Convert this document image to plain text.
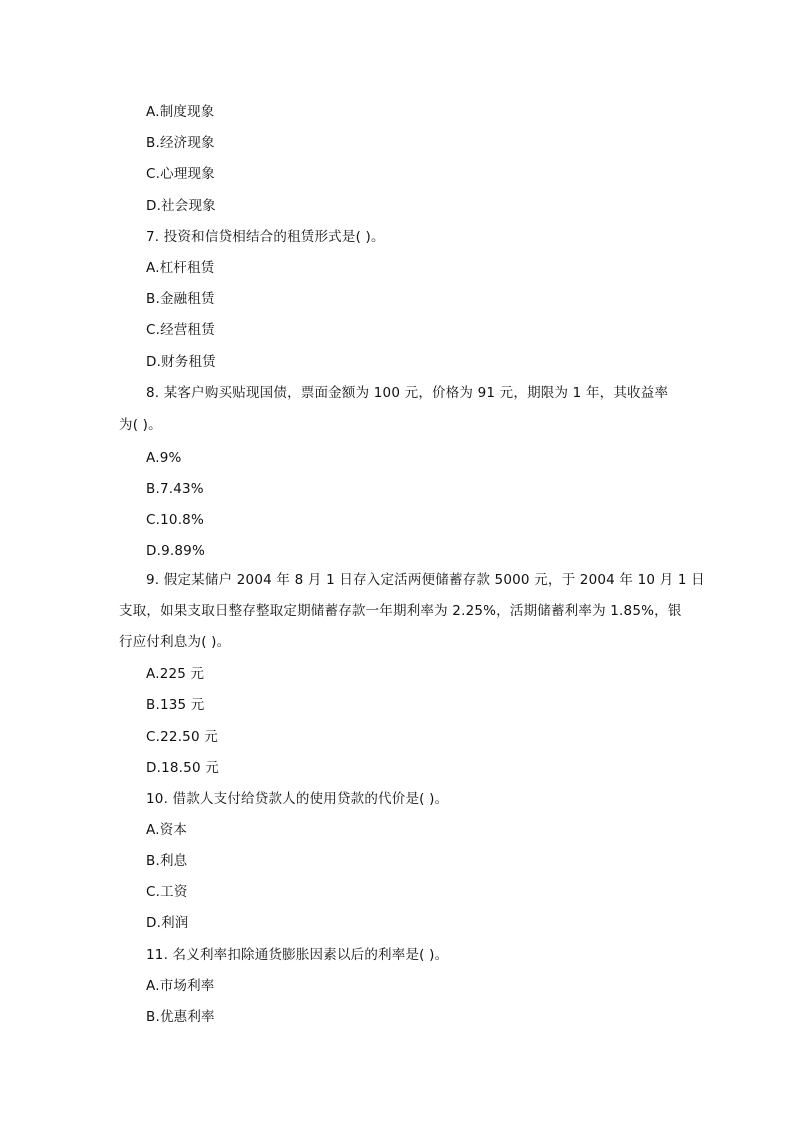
A.制度现象
B.经济现象
C.心理现象
D.社会现象
7. 投资和信贷相结合的租赁形式是( )。
A.杠杆租赁
B.金融租赁
C.经营租赁
D.财务租赁
8. 某客户购买贴现国债，票面金额为 100 元，价格为 91 元，期限为 1 年，其收益率
为( )。
A.9%
B.7.43%
C.10.8%
D.9.89%
9. 假定某储户 2004 年 8 月 1 日存入定活两便储蓄存款 5000 元，于 2004 年 10 月 1 日
支取，如果支取日整存整取定期储蓄存款一年期利率为 2.25%，活期储蓄利率为 1.85%，银
行应付利息为( )。
A.225 元
B.135 元
C.22.50 元
D.18.50 元
10. 借款人支付给贷款人的使用贷款的代价是( )。
A.资本
B.利息
C.工资
D.利润
11. 名义利率扣除通货膨胀因素以后的利率是( )。
A.市场利率
B.优惠利率
